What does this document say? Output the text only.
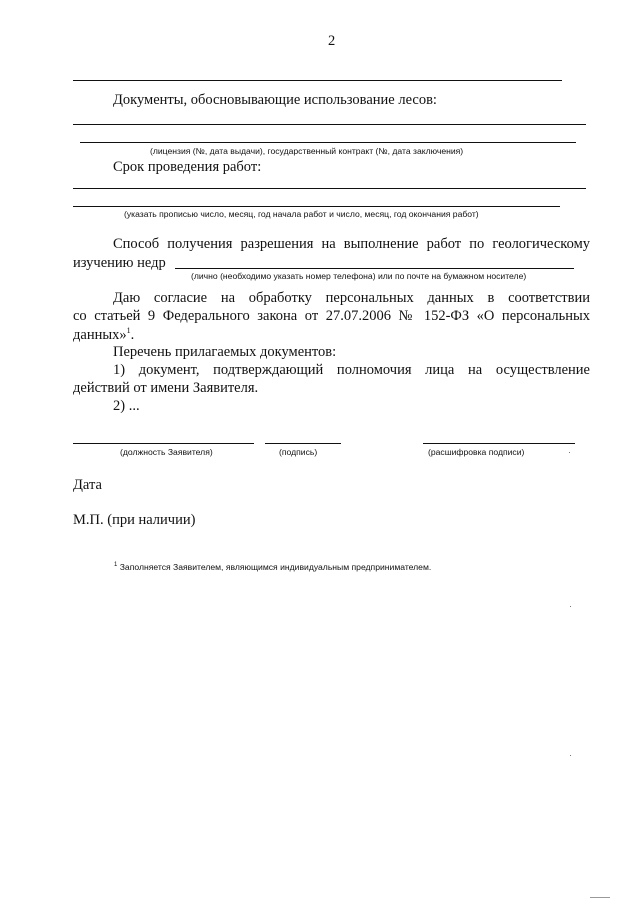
2
Документы, обосновывающие использование лесов:
(лицензия (№, дата выдачи), государственный контракт (№, дата заключения)
Срок проведения работ:
(указать прописью число, месяц, год начала работ и число, месяц, год окончания работ)
Способ получения разрешения на выполнение работ по геологическому
изучению недр
(лично (необходимо указать номер телефона) или по почте на бумажном носителе)
Даю согласие на обработку персональных данных в соответствии
со статьей 9 Федерального закона от 27.07.2006 № 152-ФЗ «О персональных
данных»$^1$.
Перечень прилагаемых документов:
1) документ, подтверждающий полномочия лица на осуществление
действий от имени Заявителя.
2) ...
(должность Заявителя)	(подпись)	(расшифровка подписи)
Дата
М.П. (при наличии)
$^1$ Заполняется Заявителем, являющимся индивидуальным предпринимателем.
